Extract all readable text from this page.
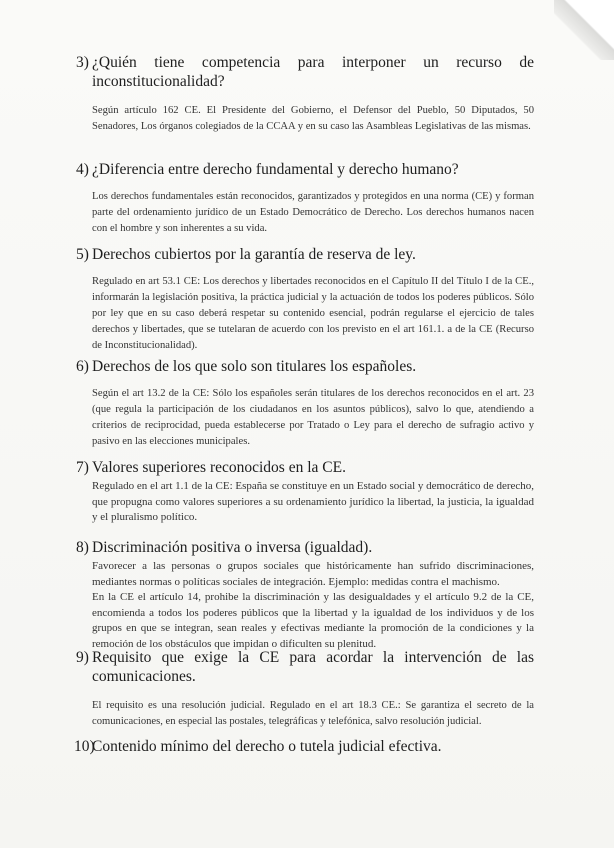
3) ¿Quién tiene competencia para interponer un recurso de
inconstitucionalidad?

Según artículo 162 CE. El Presidente del Gobierno, el Defensor del Pueblo, 50 Diputados, 50 Senadores, Los órganos colegiados de la CCAA y en su caso las Asambleas Legislativas de las mismas.

4) ¿Diferencia entre derecho fundamental y derecho humano?

Los derechos fundamentales están reconocidos, garantizados y protegidos en una norma (CE) y forman parte del ordenamiento jurídico de un Estado Democrático de Derecho. Los derechos humanos nacen con el hombre y son inherentes a su vida.

5) Derechos cubiertos por la garantía de reserva de ley.

Regulado en art 53.1 CE: Los derechos y libertades reconocidos en el Capítulo II del Título I de la CE., informarán la legislación positiva, la práctica judicial y la actuación de todos los poderes públicos. Sólo por ley que en su caso deberá respetar su contenido esencial, podrán regularse el ejercicio de tales derechos y libertades, que se tutelaran de acuerdo con los previsto en el art 161.1. a de la CE (Recurso de Inconstitucionalidad).

6) Derechos de los que solo son titulares los españoles.

Según el art 13.2 de la CE: Sólo los españoles serán titulares de los derechos reconocidos en el art. 23 (que regula la participación de los ciudadanos en los asuntos públicos), salvo lo que, atendiendo a criterios de reciprocidad, pueda establecerse por Tratado o Ley para el derecho de sufragio activo y pasivo en las elecciones municipales.

7) Valores superiores reconocidos en la CE.

Regulado en el art 1.1 de la CE: España se constituye en un Estado social y democrático de derecho, que propugna como valores superiores a su ordenamiento jurídico la libertad, la justicia, la igualdad y el pluralismo político.

8) Discriminación positiva o inversa (igualdad).

Favorecer a las personas o grupos sociales que históricamente han sufrido discriminaciones, mediantes normas o políticas sociales de integración. Ejemplo: medidas contra el machismo.

En la CE el artículo 14, prohibe la discriminación y las desigualdades y el artículo 9.2 de la CE, encomienda a todos los poderes públicos que la libertad y la igualdad de los individuos y de los grupos en que se integran, sean reales y efectivas mediante la promoción de la condiciones y la remoción de los obstáculos que impidan o dificulten su plenitud.

9) Requisito que exige la CE para acordar la intervención de las
comunicaciones.

El requisito es una resolución judicial. Regulado en el art 18.3 CE.: Se garantiza el secreto de la comunicaciones, en especial las postales, telegráficas y telefónica, salvo resolución judicial.

10)
Contenido mínimo del derecho o tutela judicial efectiva.
